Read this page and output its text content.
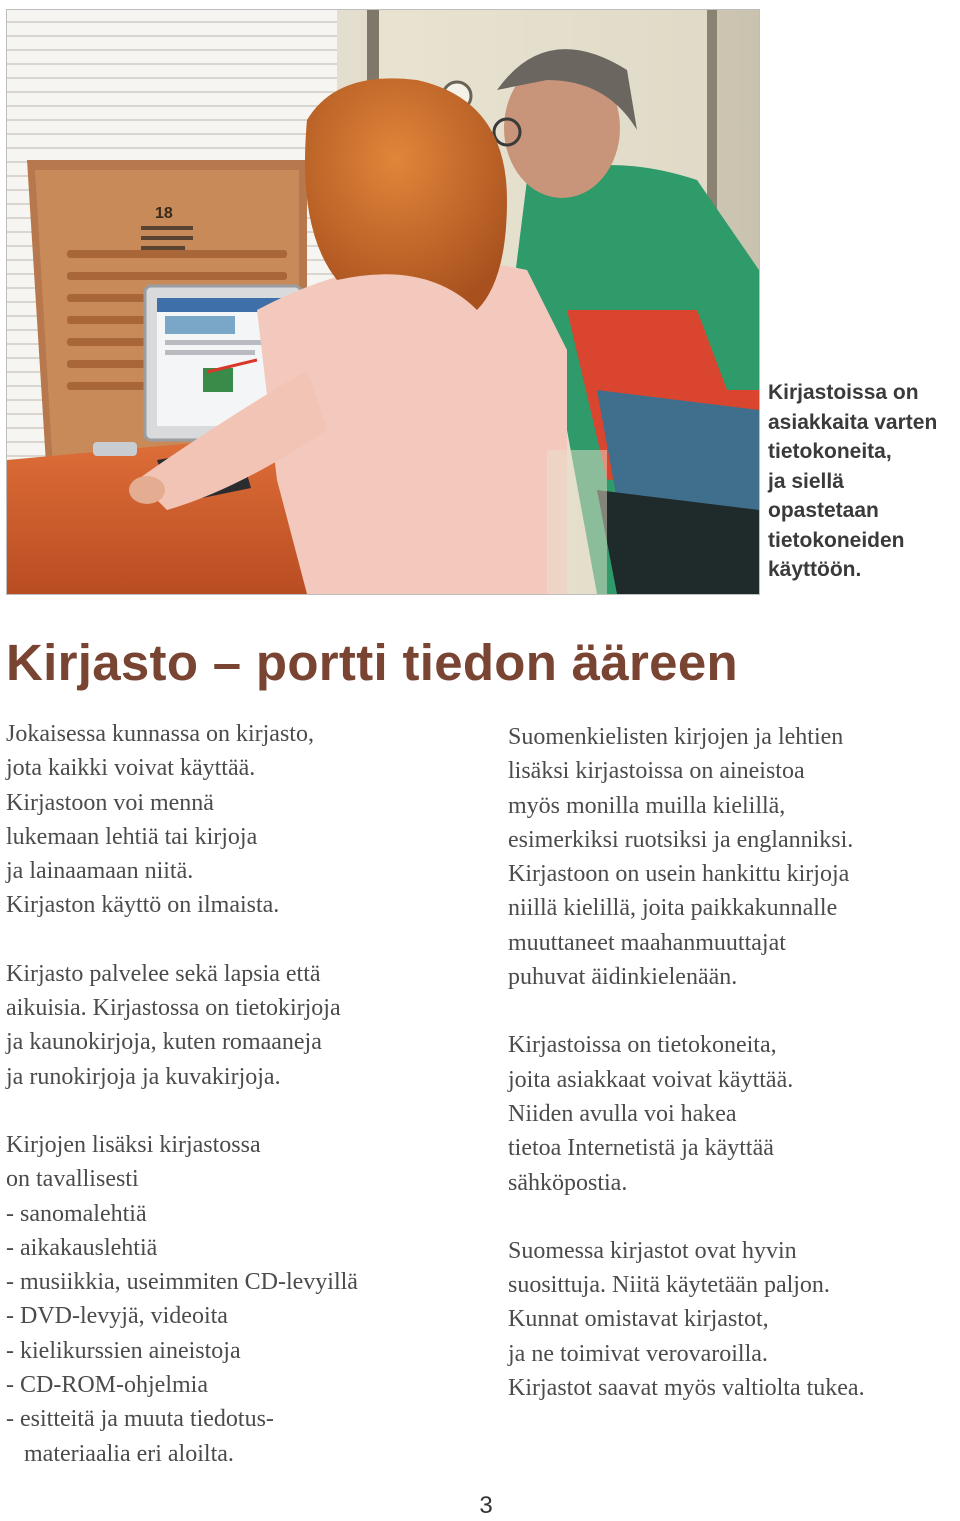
18
Kirjastoissa on
asiakkaita varten
tietokoneita,
ja siellä
opastetaan
tietokoneiden
käyttöön.
Kirjasto – portti tiedon ääreen

Jokaisessa kunnassa on kirjasto,
jota kaikki voivat käyttää.
Kirjastoon voi mennä
lukemaan lehtiä tai kirjoja
ja lainaamaan niitä.
Kirjaston käyttö on ilmaista.

Kirjasto palvelee sekä lapsia että
aikuisia. Kirjastossa on tietokirjoja
ja kaunokirjoja, kuten romaaneja
ja runokirjoja ja kuvakirjoja.

Kirjojen lisäksi kirjastossa
on tavallisesti
- sanomalehtiä
- aikakauslehtiä
- musiikkia, useimmiten CD-levyillä
- DVD-levyjä, videoita
- kielikurssien aineistoja
- CD-ROM-ohjelmia
- esitteitä ja muuta tiedotus-
materiaalia eri aloilta.

Suomenkielisten kirjojen ja lehtien
lisäksi kirjastoissa on aineistoa
myös monilla muilla kielillä,
esimerkiksi ruotsiksi ja englanniksi.
Kirjastoon on usein hankittu kirjoja
niillä kielillä, joita paikkakunnalle
muuttaneet maahanmuuttajat
puhuvat äidinkielenään.

Kirjastoissa on tietokoneita,
joita asiakkaat voivat käyttää.
Niiden avulla voi hakea
tietoa Internetistä ja käyttää
sähköpostia.

Suomessa kirjastot ovat hyvin
suosittuja. Niitä käytetään paljon.
Kunnat omistavat kirjastot,
ja ne toimivat verovaroilla.
Kirjastot saavat myös valtiolta tukea.

3
